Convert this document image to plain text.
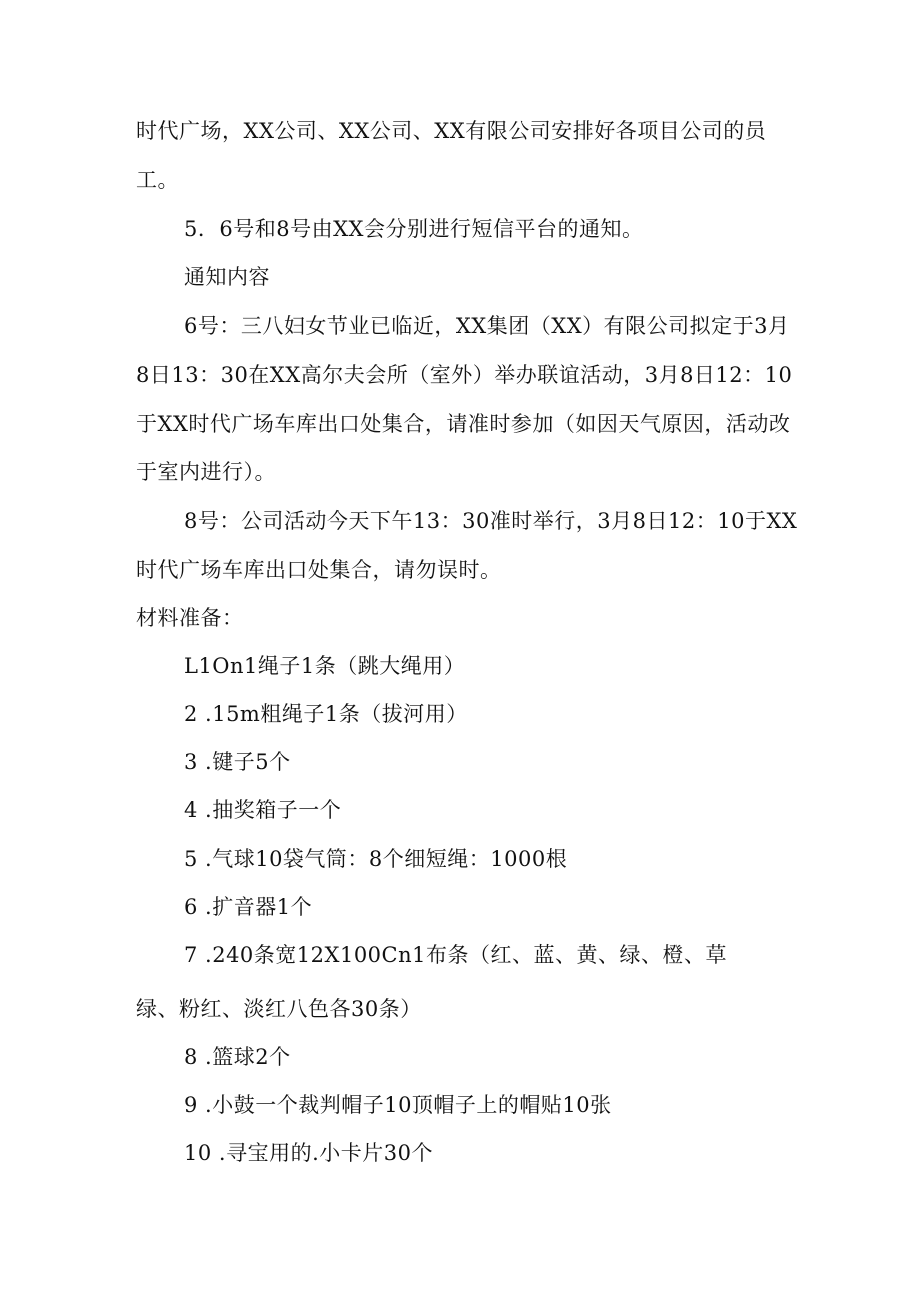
时代广场，XX公司、XX公司、XX有限公司安排好各项目公司的员
工。
5．6号和8号由XX会分别进行短信平台的通知。
通知内容
6号：三八妇女节业已临近，XX集团（XX）有限公司拟定于3月
8日13：30在XX高尔夫会所（室外）举办联谊活动，3月8日12：10
于XX时代广场车库出口处集合，请准时参加（如因天气原因，活动改
于室内进行）。
8号：公司活动今天下午13：30准时举行，3月8日12：10于XX
时代广场车库出口处集合，请勿误时。
材料准备：
L1On1绳子1条（跳大绳用）
2 .15m粗绳子1条（拔河用）
3 .键子5个
4 .抽奖箱子一个
5 .气球10袋气筒：8个细短绳：1000根
6 .扩音器1个
7 .240条宽12X100Cn1布条（红、蓝、黄、绿、橙、草
绿、粉红、淡红八色各30条）
8 .篮球2个
9 .小鼓一个裁判帽子10顶帽子上的帽贴10张
10 .寻宝用的.小卡片30个
